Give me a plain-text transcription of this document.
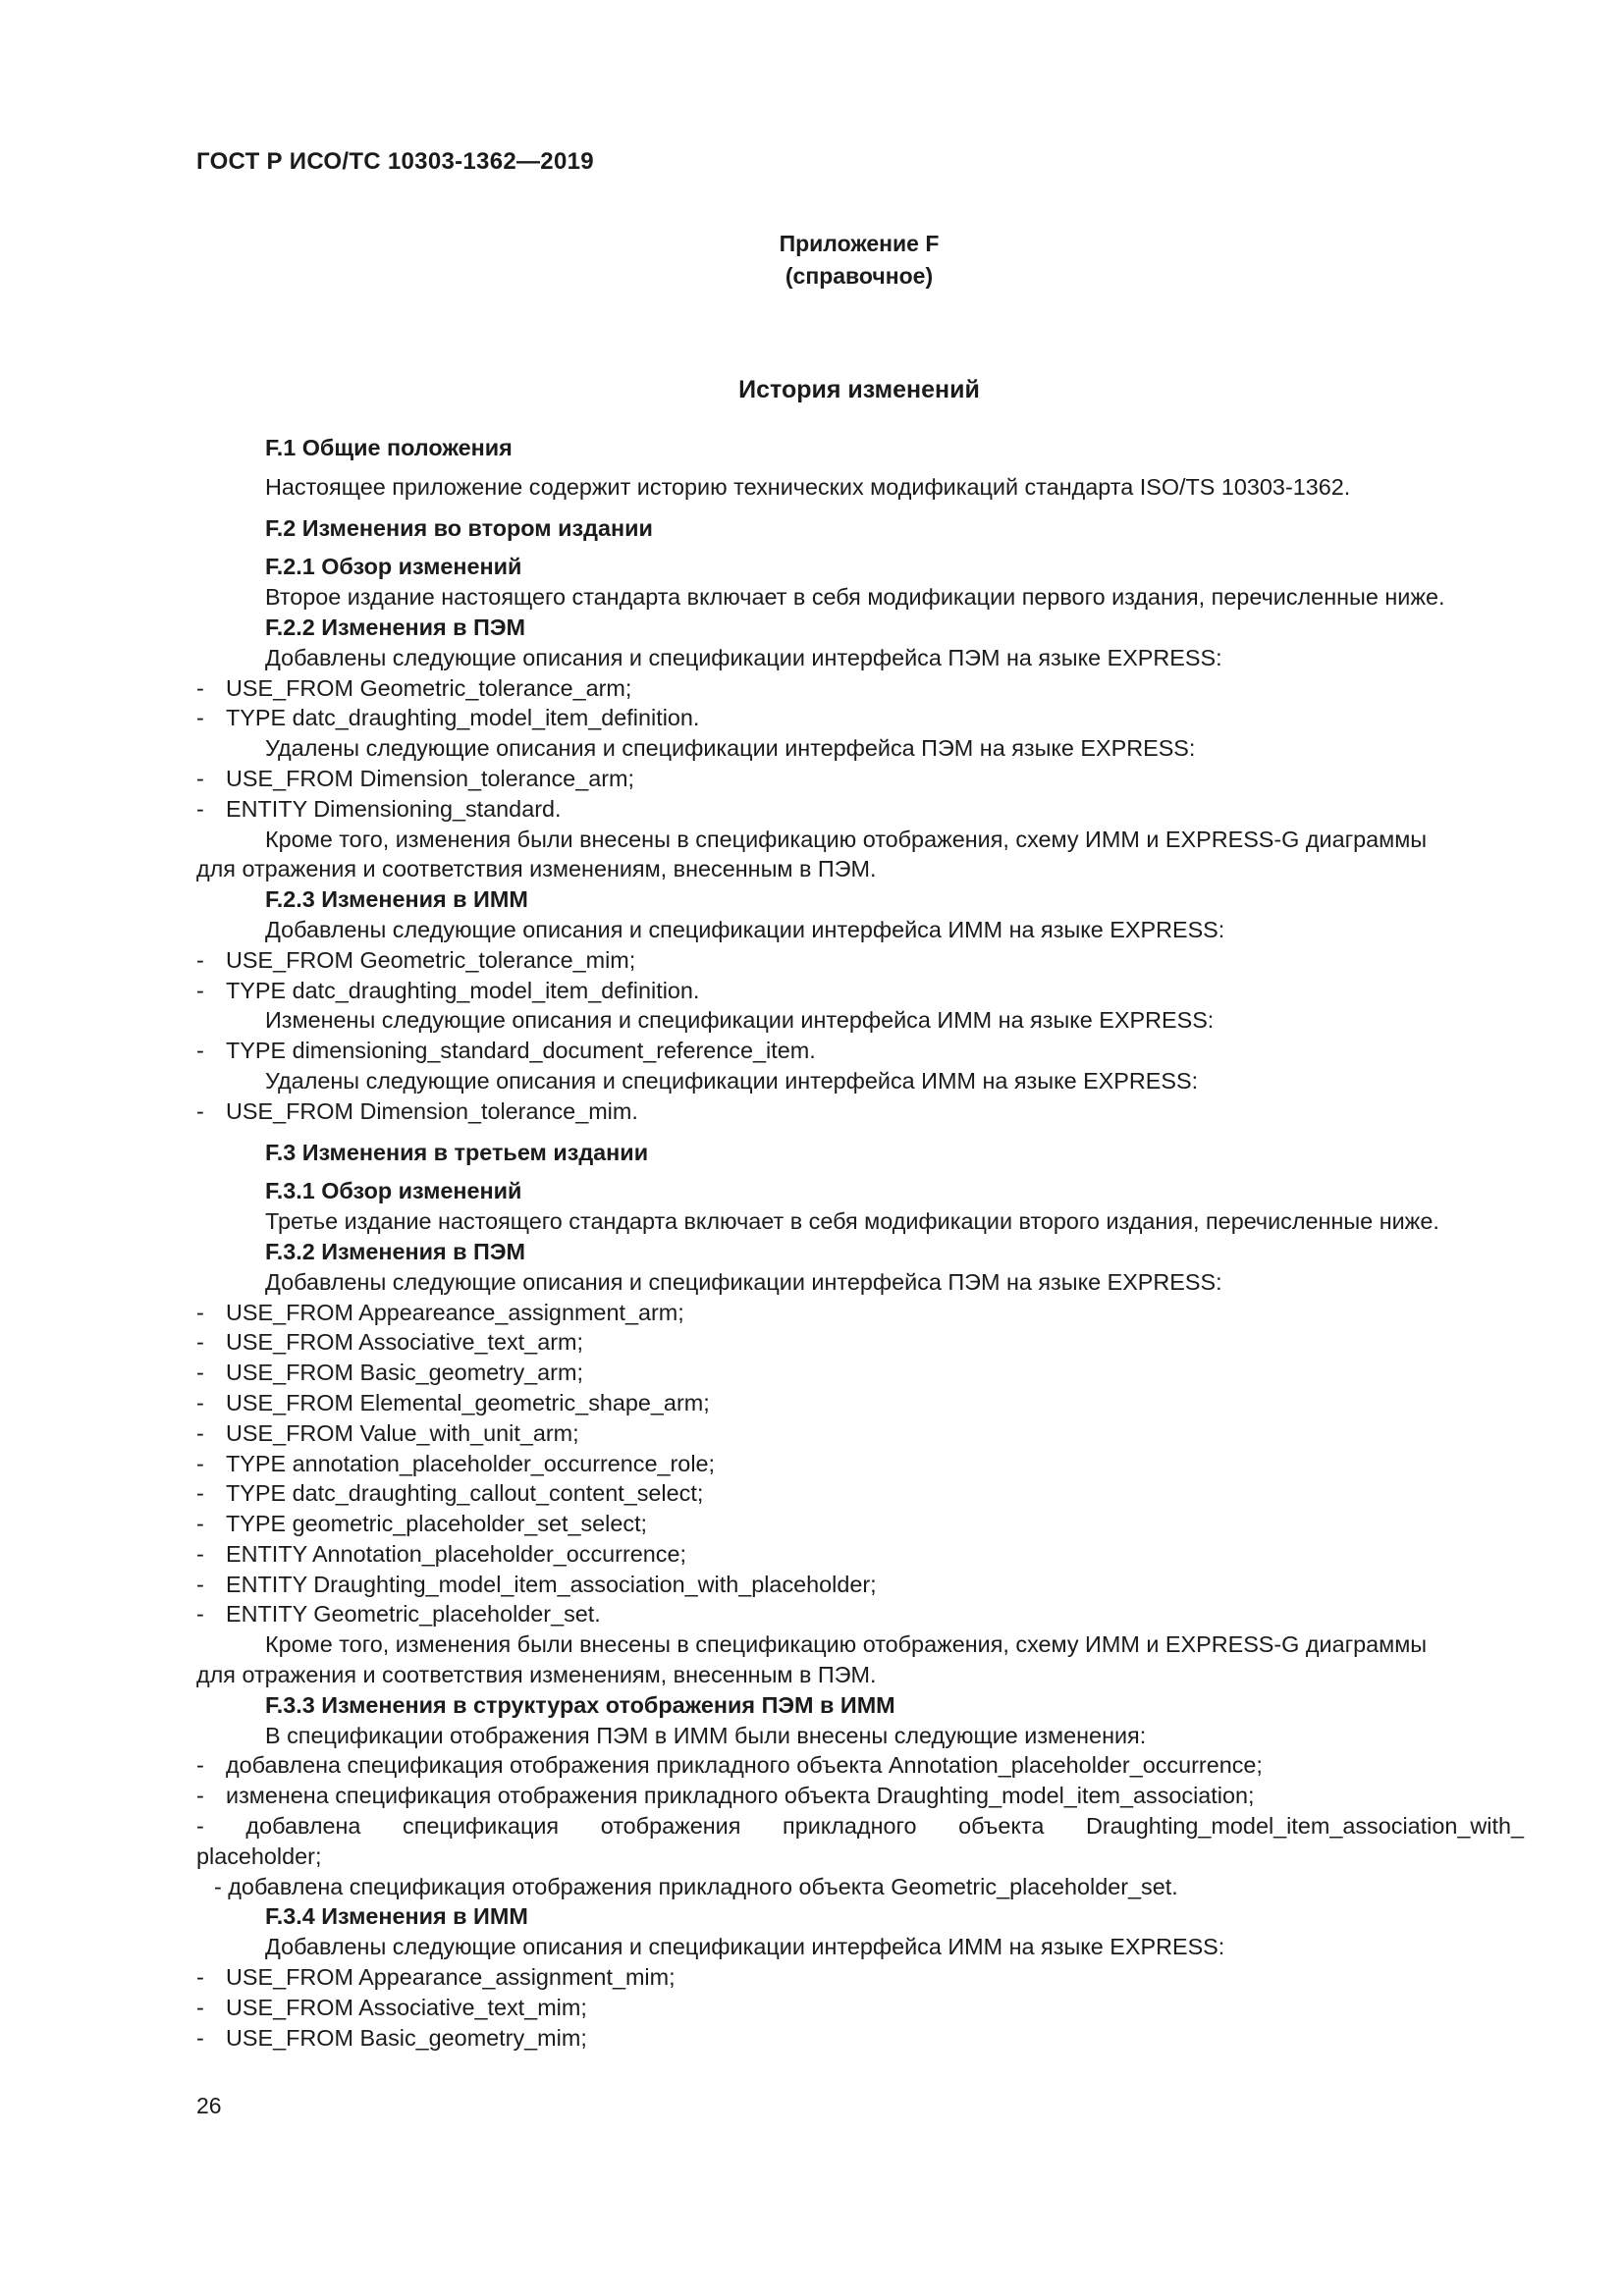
ГОСТ Р ИСО/ТС 10303-1362—2019

Приложение F
(справочное)

История изменений

F.1 Общие положения

Настоящее приложение содержит историю технических модификаций стандарта ISO/TS 10303-1362.

F.2 Изменения во втором издании

F.2.1 Обзор изменений

Второе издание настоящего стандарта включает в себя модификации первого издания, перечисленные ниже.

F.2.2 Изменения в ПЭМ

Добавлены следующие описания и спецификации интерфейса ПЭМ на языке EXPRESS:

- USE_FROM Geometric_tolerance_arm;
- TYPE datc_draughting_model_item_definition.

Удалены следующие описания и спецификации интерфейса ПЭМ на языке EXPRESS:

- USE_FROM Dimension_tolerance_arm;
- ENTITY Dimensioning_standard.

Кроме того, изменения были внесены в спецификацию отображения, схему ИММ и EXPRESS-G диаграммы

для отражения и соответствия изменениям, внесенным в ПЭМ.

F.2.3 Изменения в ИММ

Добавлены следующие описания и спецификации интерфейса ИММ на языке EXPRESS:

- USE_FROM Geometric_tolerance_mim;
- TYPE datc_draughting_model_item_definition.

Изменены следующие описания и спецификации интерфейса ИММ на языке EXPRESS:

- TYPE dimensioning_standard_document_reference_item.

Удалены следующие описания и спецификации интерфейса ИММ на языке EXPRESS:

- USE_FROM Dimension_tolerance_mim.

F.3 Изменения в третьем издании

F.3.1 Обзор изменений

Третье издание настоящего стандарта включает в себя модификации второго издания, перечисленные ниже.

F.3.2 Изменения в ПЭМ

Добавлены следующие описания и спецификации интерфейса ПЭМ на языке EXPRESS:

- USE_FROM Appeareance_assignment_arm;
- USE_FROM Associative_text_arm;
- USE_FROM Basic_geometry_arm;
- USE_FROM Elemental_geometric_shape_arm;
- USE_FROM Value_with_unit_arm;
- TYPE annotation_placeholder_occurrence_role;
- TYPE datc_draughting_callout_content_select;
- TYPE geometric_placeholder_set_select;
- ENTITY Annotation_placeholder_occurrence;
- ENTITY Draughting_model_item_association_with_placeholder;
- ENTITY Geometric_placeholder_set.

Кроме того, изменения были внесены в спецификацию отображения, схему ИММ и EXPRESS-G диаграммы

для отражения и соответствия изменениям, внесенным в ПЭМ.

F.3.3 Изменения в структурах отображения ПЭМ в ИММ

В спецификации отображения ПЭМ в ИММ были внесены следующие изменения:

- добавлена спецификация отображения прикладного объекта Annotation_placeholder_occurrence;
- изменена спецификация отображения прикладного объекта Draughting_model_item_association;

- добавлена спецификация отображения прикладного объекта Draughting_model_item_association_with_

placeholder;

- добавлена спецификация отображения прикладного объекта Geometric_placeholder_set.

F.3.4 Изменения в ИММ

Добавлены следующие описания и спецификации интерфейса ИММ на языке EXPRESS:

- USE_FROM Appearance_assignment_mim;
- USE_FROM Associative_text_mim;
- USE_FROM Basic_geometry_mim;

26
